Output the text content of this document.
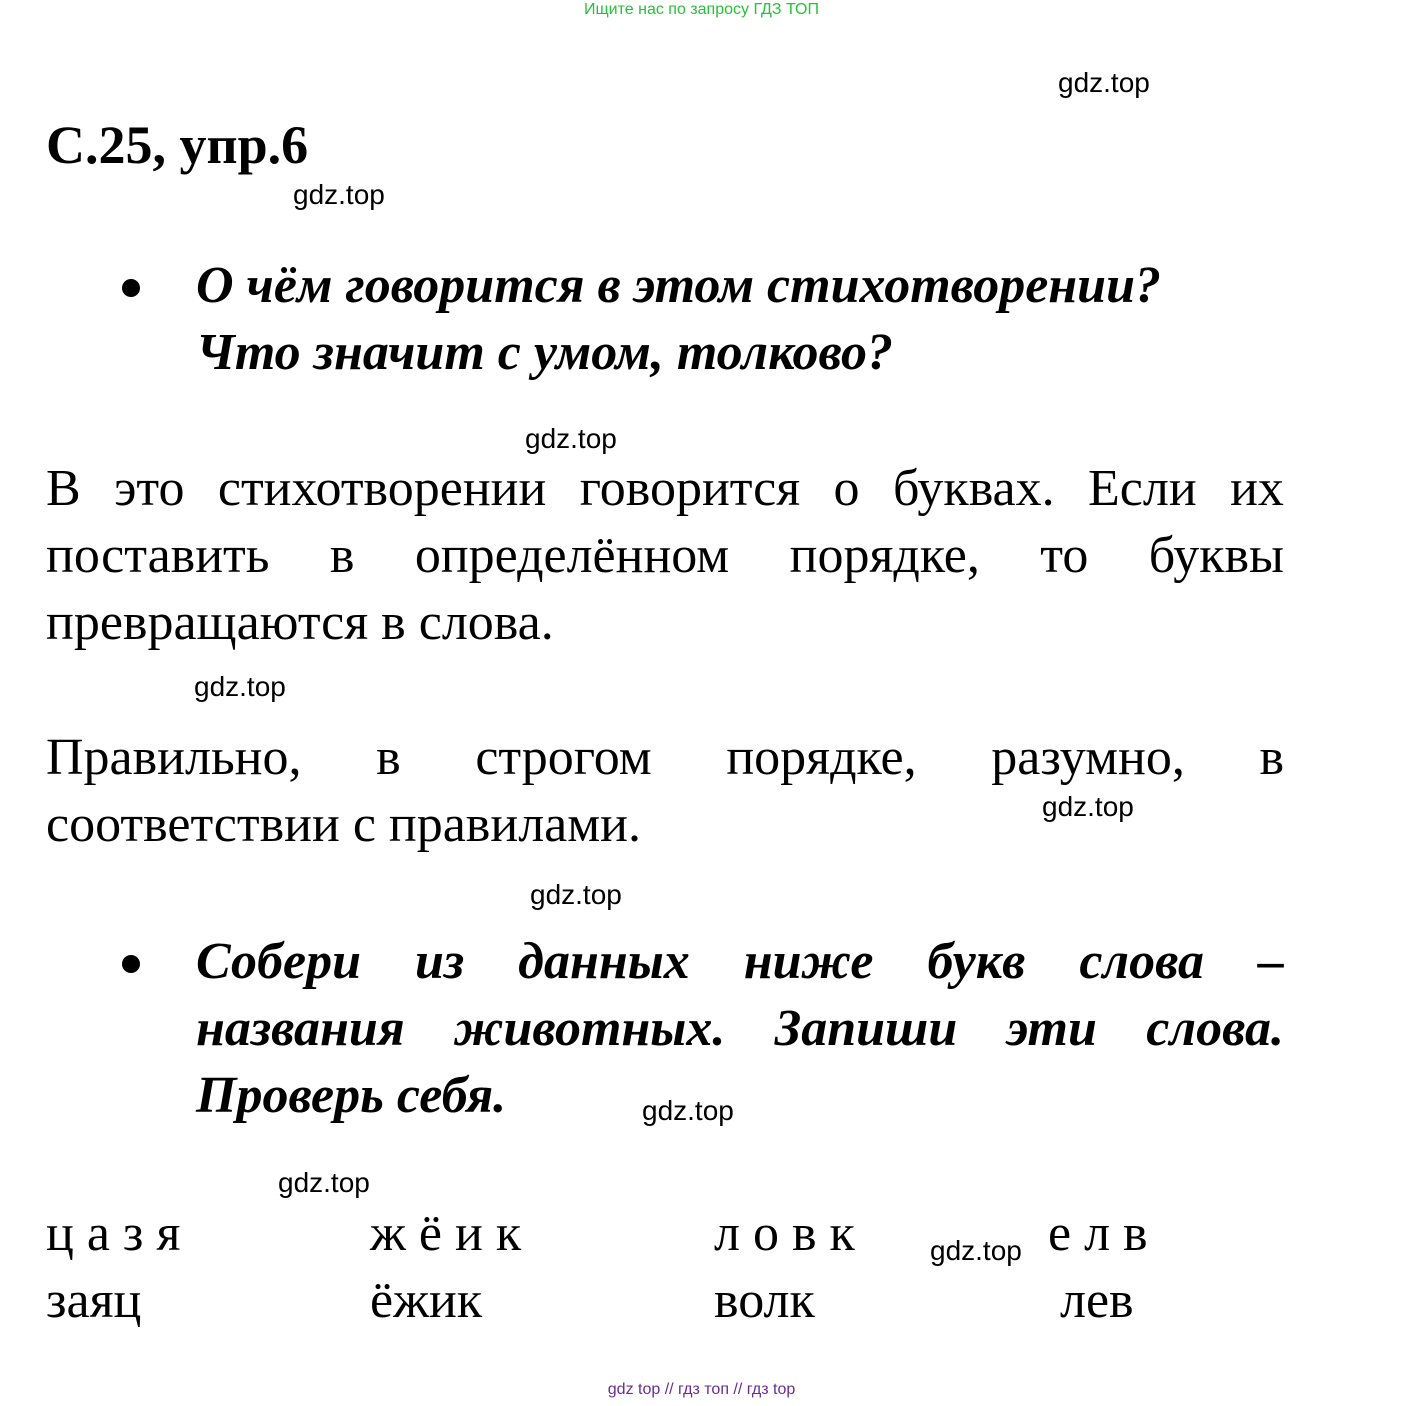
Ищите нас по запросу ГДЗ ТОП
gdz.top
gdz.top
gdz.top
gdz.top
gdz.top
gdz.top
gdz.top
gdz.top
gdz.top
С.25, упр.6
О чём говорится в этом стихотворении?
Что значит с умом, толково?
В это стихотворении говорится о буквах. Если их
поставить в определённом порядке, то буквы
превращаются в слова.
Правильно, в строгом порядке, разумно, в
соответствии с правилами.
Собери из данных ниже букв слова –
названия животных. Запиши эти слова.
Проверь себя.
ц а з я	ж ё и к	л о в к	е л в
заяц	ёжик	волк	лев
gdz top // гдз топ // гдз top
